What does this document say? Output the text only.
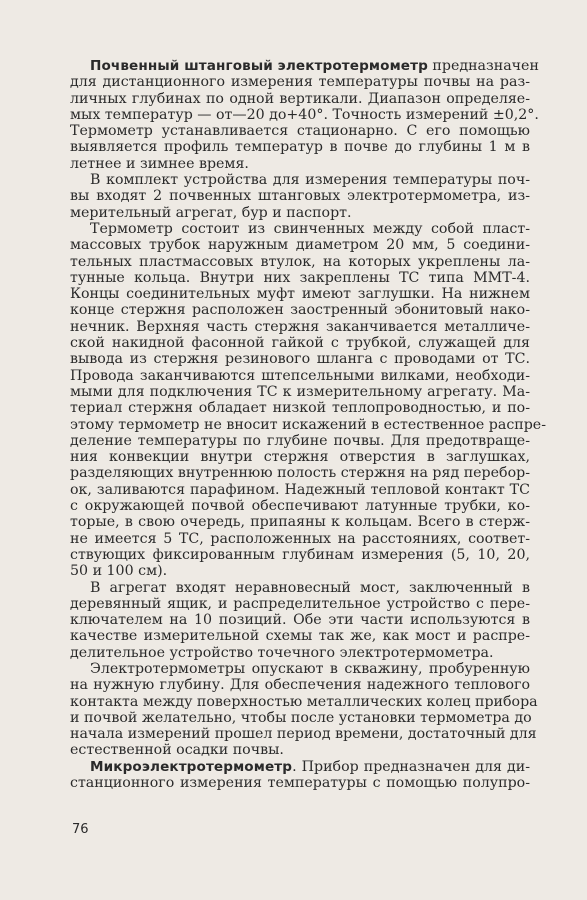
Почвенный штанговый электротермометр предназначен
для дистанционного измерения температуры почвы на раз-
личных глубинах по одной вертикали. Диапазон определяе-
мых температур — от—20 до+40°. Точность измерений ±0,2°.
Термометр устанавливается стационарно. С его помощью
выявляется профиль температур в почве до глубины 1 м в
летнее и зимнее время.
В комплект устройства для измерения температуры поч-
вы входят 2 почвенных штанговых электротермометра, из-
мерительный агрегат, бур и паспорт.
Термометр состоит из свинченных между собой пласт-
массовых трубок наружным диаметром 20 мм, 5 соедини-
тельных пластмассовых втулок, на которых укреплены ла-
тунные кольца. Внутри них закреплены ТС типа ММТ-4.
Концы соединительных муфт имеют заглушки. На нижнем
конце стержня расположен заостренный эбонитовый нако-
нечник. Верхняя часть стержня заканчивается металличе-
ской накидной фасонной гайкой с трубкой, служащей для
вывода из стержня резинового шланга с проводами от ТС.
Провода заканчиваются штепсельными вилками, необходи-
мыми для подключения ТС к измерительному агрегату. Ма-
териал стержня обладает низкой теплопроводностью, и по-
этому термометр не вносит искажений в естественное распре-
деление температуры по глубине почвы. Для предотвраще-
ния конвекции внутри стержня отверстия в заглушках,
разделяющих внутреннюю полость стержня на ряд перебор-
ок, заливаются парафином. Надежный тепловой контакт ТС
с окружающей почвой обеспечивают латунные трубки, ко-
торые, в свою очередь, припаяны к кольцам. Всего в стерж-
не имеется 5 ТС, расположенных на расстояниях, соответ-
ствующих фиксированным глубинам измерения (5, 10, 20,
50 и 100 см).
В агрегат входят неравновесный мост, заключенный в
деревянный ящик, и распределительное устройство с пере-
ключателем на 10 позиций. Обе эти части используются в
качестве измерительной схемы так же, как мост и распре-
делительное устройство точечного электротермометра.
Электротермометры опускают в скважину, пробуренную
на нужную глубину. Для обеспечения надежного теплового
контакта между поверхностью металлических колец прибора
и почвой желательно, чтобы после установки термометра до
начала измерений прошел период времени, достаточный для
естественной осадки почвы.
Микроэлектротермометр. Прибор предназначен для ди-
станционного измерения температуры с помощью полупро-
76
